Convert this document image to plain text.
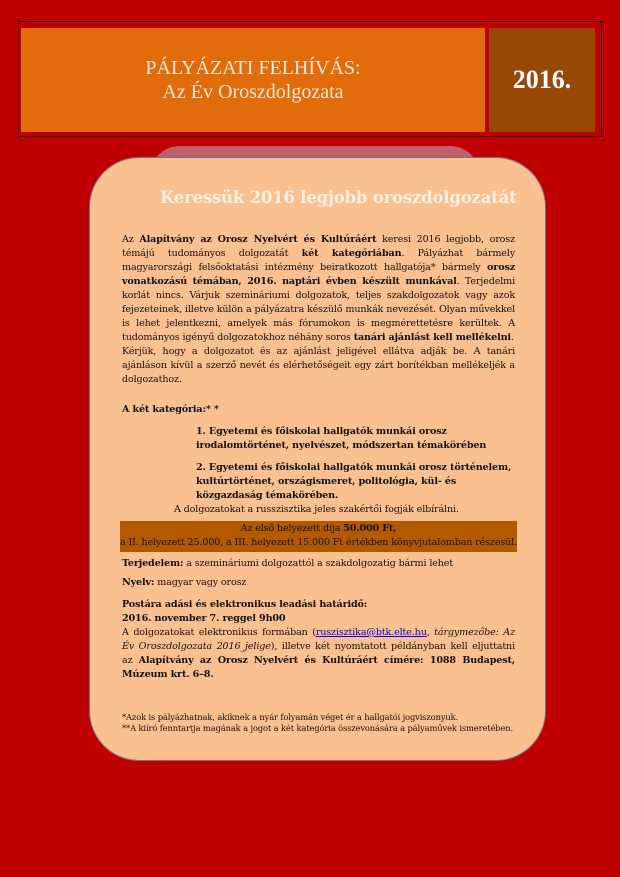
PÁLYÁZATI FELHÍVÁS:
Az Év Oroszdolgozata	2016.
Keressük 2016 legjobb oroszdolgozatát

Az Alapítvány az Orosz Nyelvért és Kultúráért keresi 2016 legjobb, orosz témájú tudományos dolgozatát két kategóriában. Pályázhat bármely magyarországi felsőoktatási intézmény beiratkozott hallgatója* bármely orosz vonatkozású témában, 2016. naptári évben készült munkával. Terjedelmi korlát nincs. Várjuk szemináriumi dolgozatok, teljes szakdolgozatok vagy azok fejezeteinek, illetve külön a pályázatra készülő munkák nevezését. Olyan művekkel is lehet jelentkezni, amelyek más fórumokon is megmérettetésre kerültek. A tudományos igényű dolgozatokhoz néhány soros tanári ajánlást kell mellékelni.

Kérjük, hogy a dolgozatot és az ajánlást jeligével ellátva adják be. A tanári ajánláson kívül a szerző nevét és elérhetőségeit egy zárt borítékban mellékeljék a dolgozathoz.

A két kategória:* *

1. Egyetemi és főiskolai hallgatók munkái orosz irodalomtörténet, nyelvészet, módszertan témakörében

2. Egyetemi és főiskolai hallgatók munkái orosz történelem, kultúrtörténet, országismeret, politológia, kül- és közgazdaság témakörében.

A dolgozatokat a russzisztika jeles szakértői fogják elbírálni.

Az első helyezett díja 50.000 Ft,
a II. helyezett 25.000, a III. helyezett 15.000 Ft értékben könyvjutalomban részesül.

Terjedelem: a szemináriumi dolgozattól a szakdolgozatig bármi lehet

Nyelv: magyar vagy orosz

Postára adási és elektronikus leadási határidő:

2016. november 7. reggel 9h00

A dolgozatokat elektronikus formában (ruszisztika@btk.elte.hu, tárgymezőbe: Az Év Oroszdolgozata 2016_jelige), illetve két nyomtatott példányban kell eljuttatni az Alapítvány az Orosz Nyelvért és Kultúráért címére: 1088 Budapest, Múzeum krt. 6–8.

*Azok is pályázhatnak, akiknek a nyár folyamán véget ér a hallgatói jogviszonyuk.

**A kiíró fenntartja magának a jogot a két kategória összevonására a pályaművek ismeretében.
